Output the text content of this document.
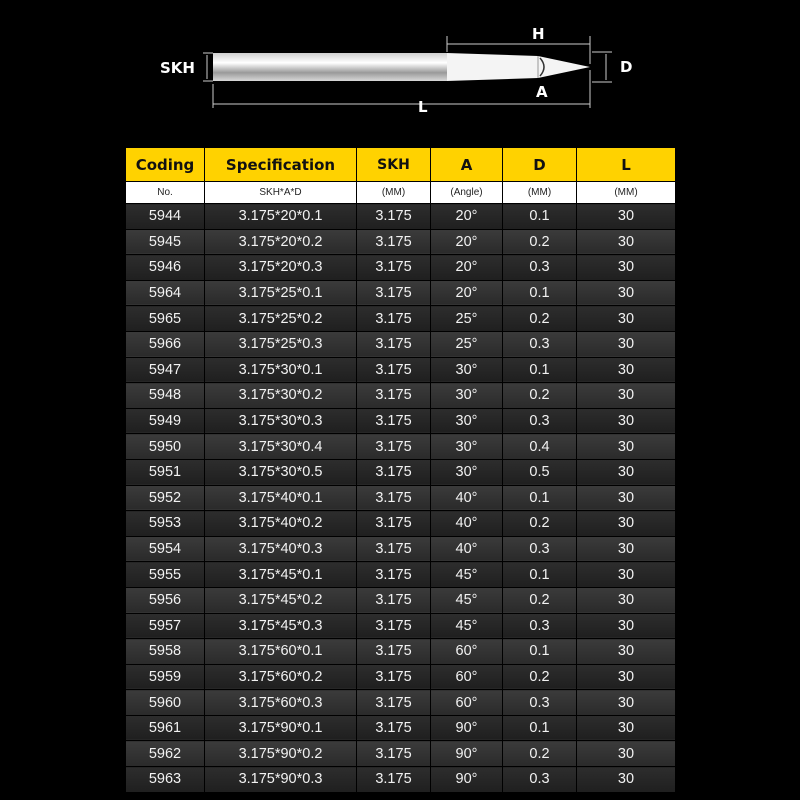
SKH
H
D
A
L
Coding	Specification	SKH	A	D	L
No.	SKH*A*D	(MM)	(Angle)	(MM)	(MM)
5944	3.175*20*0.1	3.175	20°	0.1	30
5945	3.175*20*0.2	3.175	20°	0.2	30
5946	3.175*20*0.3	3.175	20°	0.3	30
5964	3.175*25*0.1	3.175	20°	0.1	30
5965	3.175*25*0.2	3.175	25°	0.2	30
5966	3.175*25*0.3	3.175	25°	0.3	30
5947	3.175*30*0.1	3.175	30°	0.1	30
5948	3.175*30*0.2	3.175	30°	0.2	30
5949	3.175*30*0.3	3.175	30°	0.3	30
5950	3.175*30*0.4	3.175	30°	0.4	30
5951	3.175*30*0.5	3.175	30°	0.5	30
5952	3.175*40*0.1	3.175	40°	0.1	30
5953	3.175*40*0.2	3.175	40°	0.2	30
5954	3.175*40*0.3	3.175	40°	0.3	30
5955	3.175*45*0.1	3.175	45°	0.1	30
5956	3.175*45*0.2	3.175	45°	0.2	30
5957	3.175*45*0.3	3.175	45°	0.3	30
5958	3.175*60*0.1	3.175	60°	0.1	30
5959	3.175*60*0.2	3.175	60°	0.2	30
5960	3.175*60*0.3	3.175	60°	0.3	30
5961	3.175*90*0.1	3.175	90°	0.1	30
5962	3.175*90*0.2	3.175	90°	0.2	30
5963	3.175*90*0.3	3.175	90°	0.3	30
